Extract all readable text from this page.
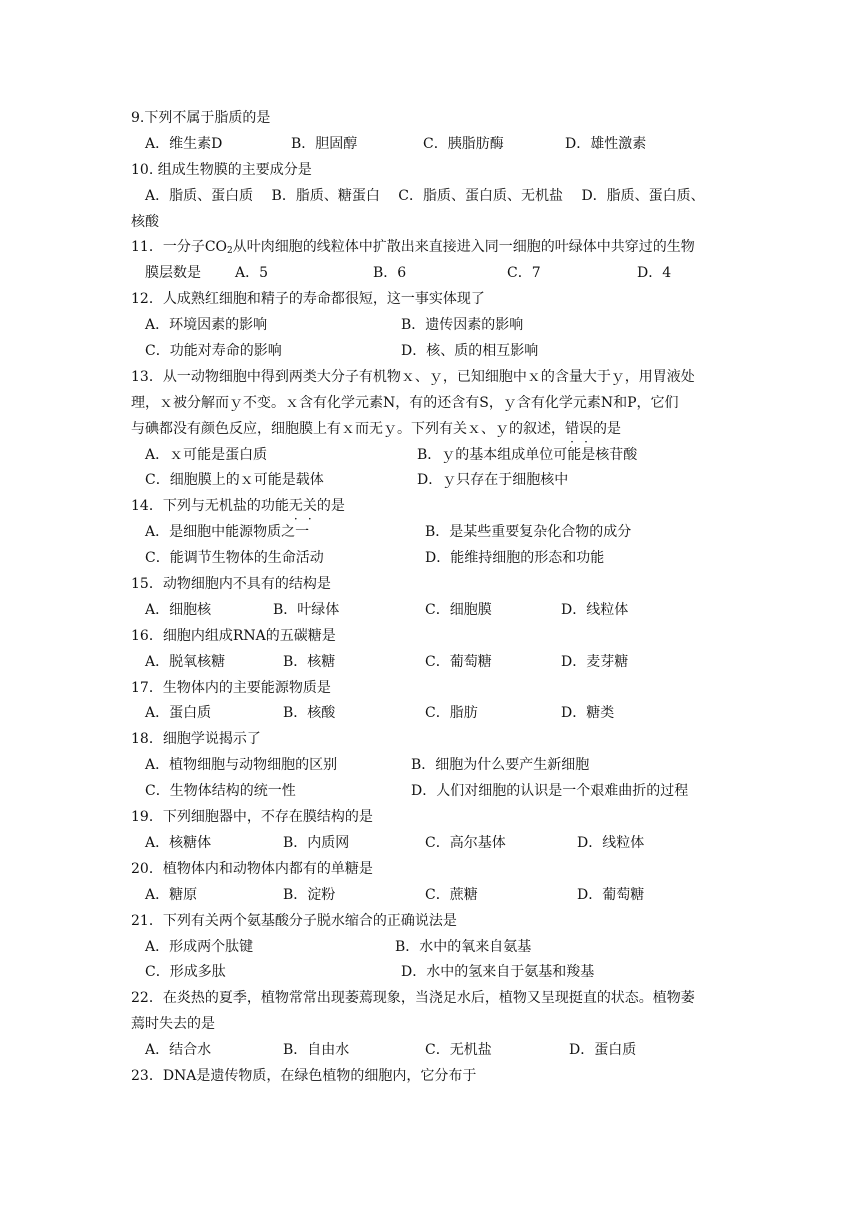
9.下列不属于脂质的是
A．维生素D	B．胆固醇	C．胰脂肪酶	D．雄性激素
10. 组成生物膜的主要成分是
A．脂质、蛋白质　 B．脂质、糖蛋白　 C．脂质、蛋白质、无机盐　 D．脂质、蛋白质、
核酸
11．一分子$CO_2$从叶肉细胞的线粒体中扩散出来直接进入同一细胞的叶绿体中共穿过的生物
膜层数是 A．5	B．6	C．7	D．4
12．人成熟红细胞和精子的寿命都很短，这一事实体现了
A．环境因素的影响	B．遗传因素的影响
C．功能对寿命的影响	D．核、质的相互影响
13．从一动物细胞中得到两类大分子有机物ｘ、ｙ，已知细胞中ｘ的含量大于ｙ，用胃液处
理，ｘ被分解而ｙ不变。ｘ含有化学元素N，有的还含有S，ｙ含有化学元素N和P，它们
与碘都没有颜色反应，细胞膜上有ｘ而无ｙ。下列有关ｘ、ｙ的叙述，错误的是
A．ｘ可能是蛋白质	B．ｙ的基本组成单位可能是核苷酸
C．细胞膜上的ｘ可能是载体	D．ｙ只存在于细胞核中
14．下列与无机盐的功能无关的是
A．是细胞中能源物质之一	B．是某些重要复杂化合物的成分
C．能调节生物体的生命活动	D．能维持细胞的形态和功能
15．动物细胞内不具有的结构是
A．细胞核	B．叶绿体	C．细胞膜	D．线粒体
16．细胞内组成RNA的五碳糖是
A．脱氧核糖	B．核糖	C．葡萄糖	D．麦芽糖
17．生物体内的主要能源物质是
A．蛋白质	B．核酸	C．脂肪	D．糖类
18．细胞学说揭示了
A．植物细胞与动物细胞的区别	B．细胞为什么要产生新细胞
C．生物体结构的统一性	D．人们对细胞的认识是一个艰难曲折的过程
19．下列细胞器中，不存在膜结构的是
A．核糖体	B．内质网	C．高尔基体	D．线粒体
20．植物体内和动物体内都有的单糖是
A．糖原	B．淀粉	C．蔗糖	D．葡萄糖
21．下列有关两个氨基酸分子脱水缩合的正确说法是
A．形成两个肽键	B．水中的氧来自氨基
C．形成多肽	D．水中的氢来自于氨基和羧基
22．在炎热的夏季，植物常常出现萎蔫现象，当浇足水后，植物又呈现挺直的状态。植物萎
蔫时失去的是
A．结合水	B．自由水	C．无机盐	D．蛋白质
23．DNA是遗传物质，在绿色植物的细胞内，它分布于
